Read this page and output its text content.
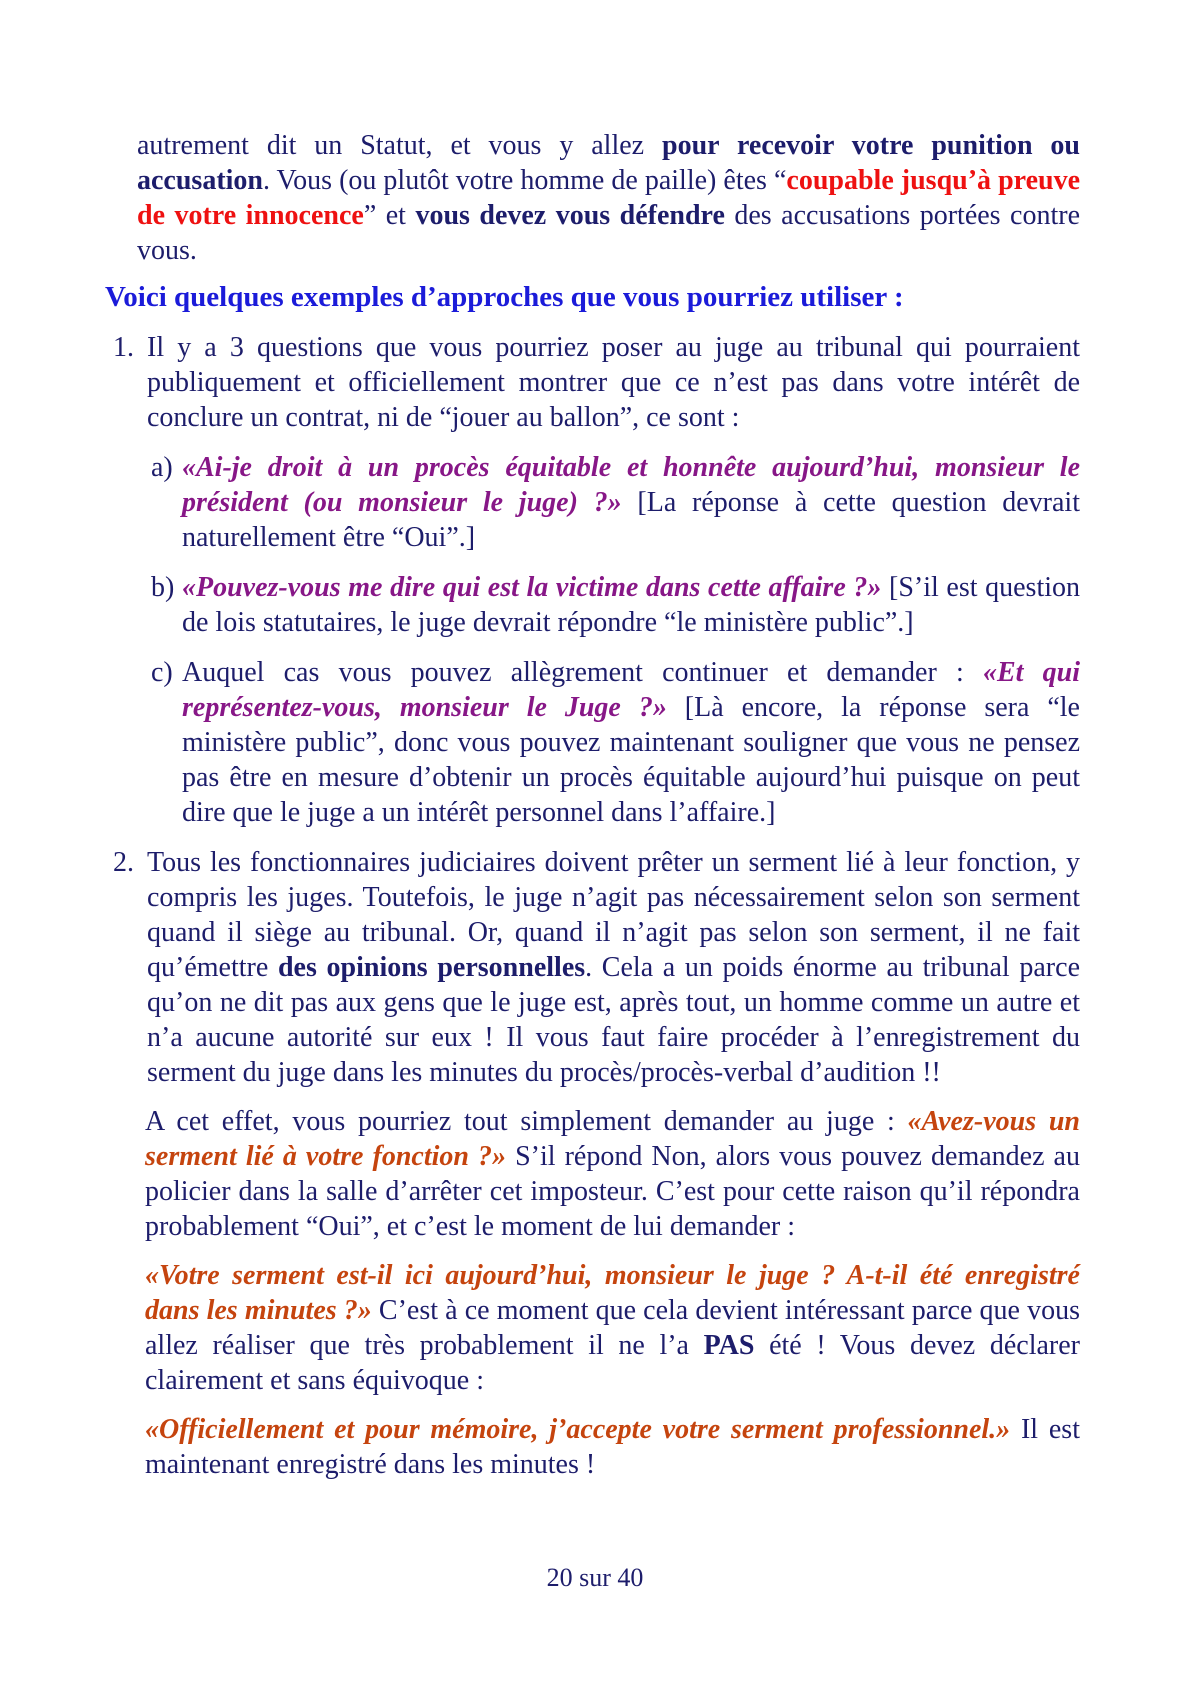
autrement dit un Statut, et vous y allez pour recevoir votre punition ou accusation. Vous (ou plutôt votre homme de paille) êtes “coupable jusqu’à preuve de votre innocence” et vous devez vous défendre des accusations portées contre vous.

Voici quelques exemples d’approches que vous pourriez utiliser :
1. Il y a 3 questions que vous pourriez poser au juge au tribunal qui pourraient publiquement et officiellement montrer que ce n’est pas dans votre intérêt de conclure un contrat, ni de “jouer au ballon”, ce sont :
a) «Ai-je droit à un procès équitable et honnête aujourd’hui, monsieur le président (ou monsieur le juge) ?» [La réponse à cette question devrait naturellement être “Oui”.]
b) «Pouvez-vous me dire qui est la victime dans cette affaire ?» [S’il est question de lois statutaires, le juge devrait répondre “le ministère public”.]
c) Auquel cas vous pouvez allègrement continuer et demander : «Et qui représentez-vous, monsieur le Juge ?» [Là encore, la réponse sera “le ministère public”, donc vous pouvez maintenant souligner que vous ne pensez pas être en mesure d’obtenir un procès équitable aujourd’hui puisque on peut dire que le juge a un intérêt personnel dans l’affaire.]
2. Tous les fonctionnaires judiciaires doivent prêter un serment lié à leur fonction, y compris les juges. Toutefois, le juge n’agit pas nécessairement selon son serment quand il siège au tribunal. Or, quand il n’agit pas selon son serment, il ne fait qu’émettre des opinions personnelles. Cela a un poids énorme au tribunal parce qu’on ne dit pas aux gens que le juge est, après tout, un homme comme un autre et n’a aucune autorité sur eux ! Il vous faut faire procéder à l’enregistrement du serment du juge dans les minutes du procès/procès-verbal d’audition !!

A cet effet, vous pourriez tout simplement demander au juge : «Avez-vous un serment lié à votre fonction ?» S’il répond Non, alors vous pouvez demandez au policier dans la salle d’arrêter cet imposteur. C’est pour cette raison qu’il répondra probablement “Oui”, et c’est le moment de lui demander :

«Votre serment est-il ici aujourd’hui, monsieur le juge ? A-t-il été enregistré dans les minutes ?» C’est à ce moment que cela devient intéressant parce que vous allez réaliser que très probablement il ne l’a PAS été ! Vous devez déclarer clairement et sans équivoque :

«Officiellement et pour mémoire, j’accepte votre serment professionnel.» Il est maintenant enregistré dans les minutes !

20 sur 40
